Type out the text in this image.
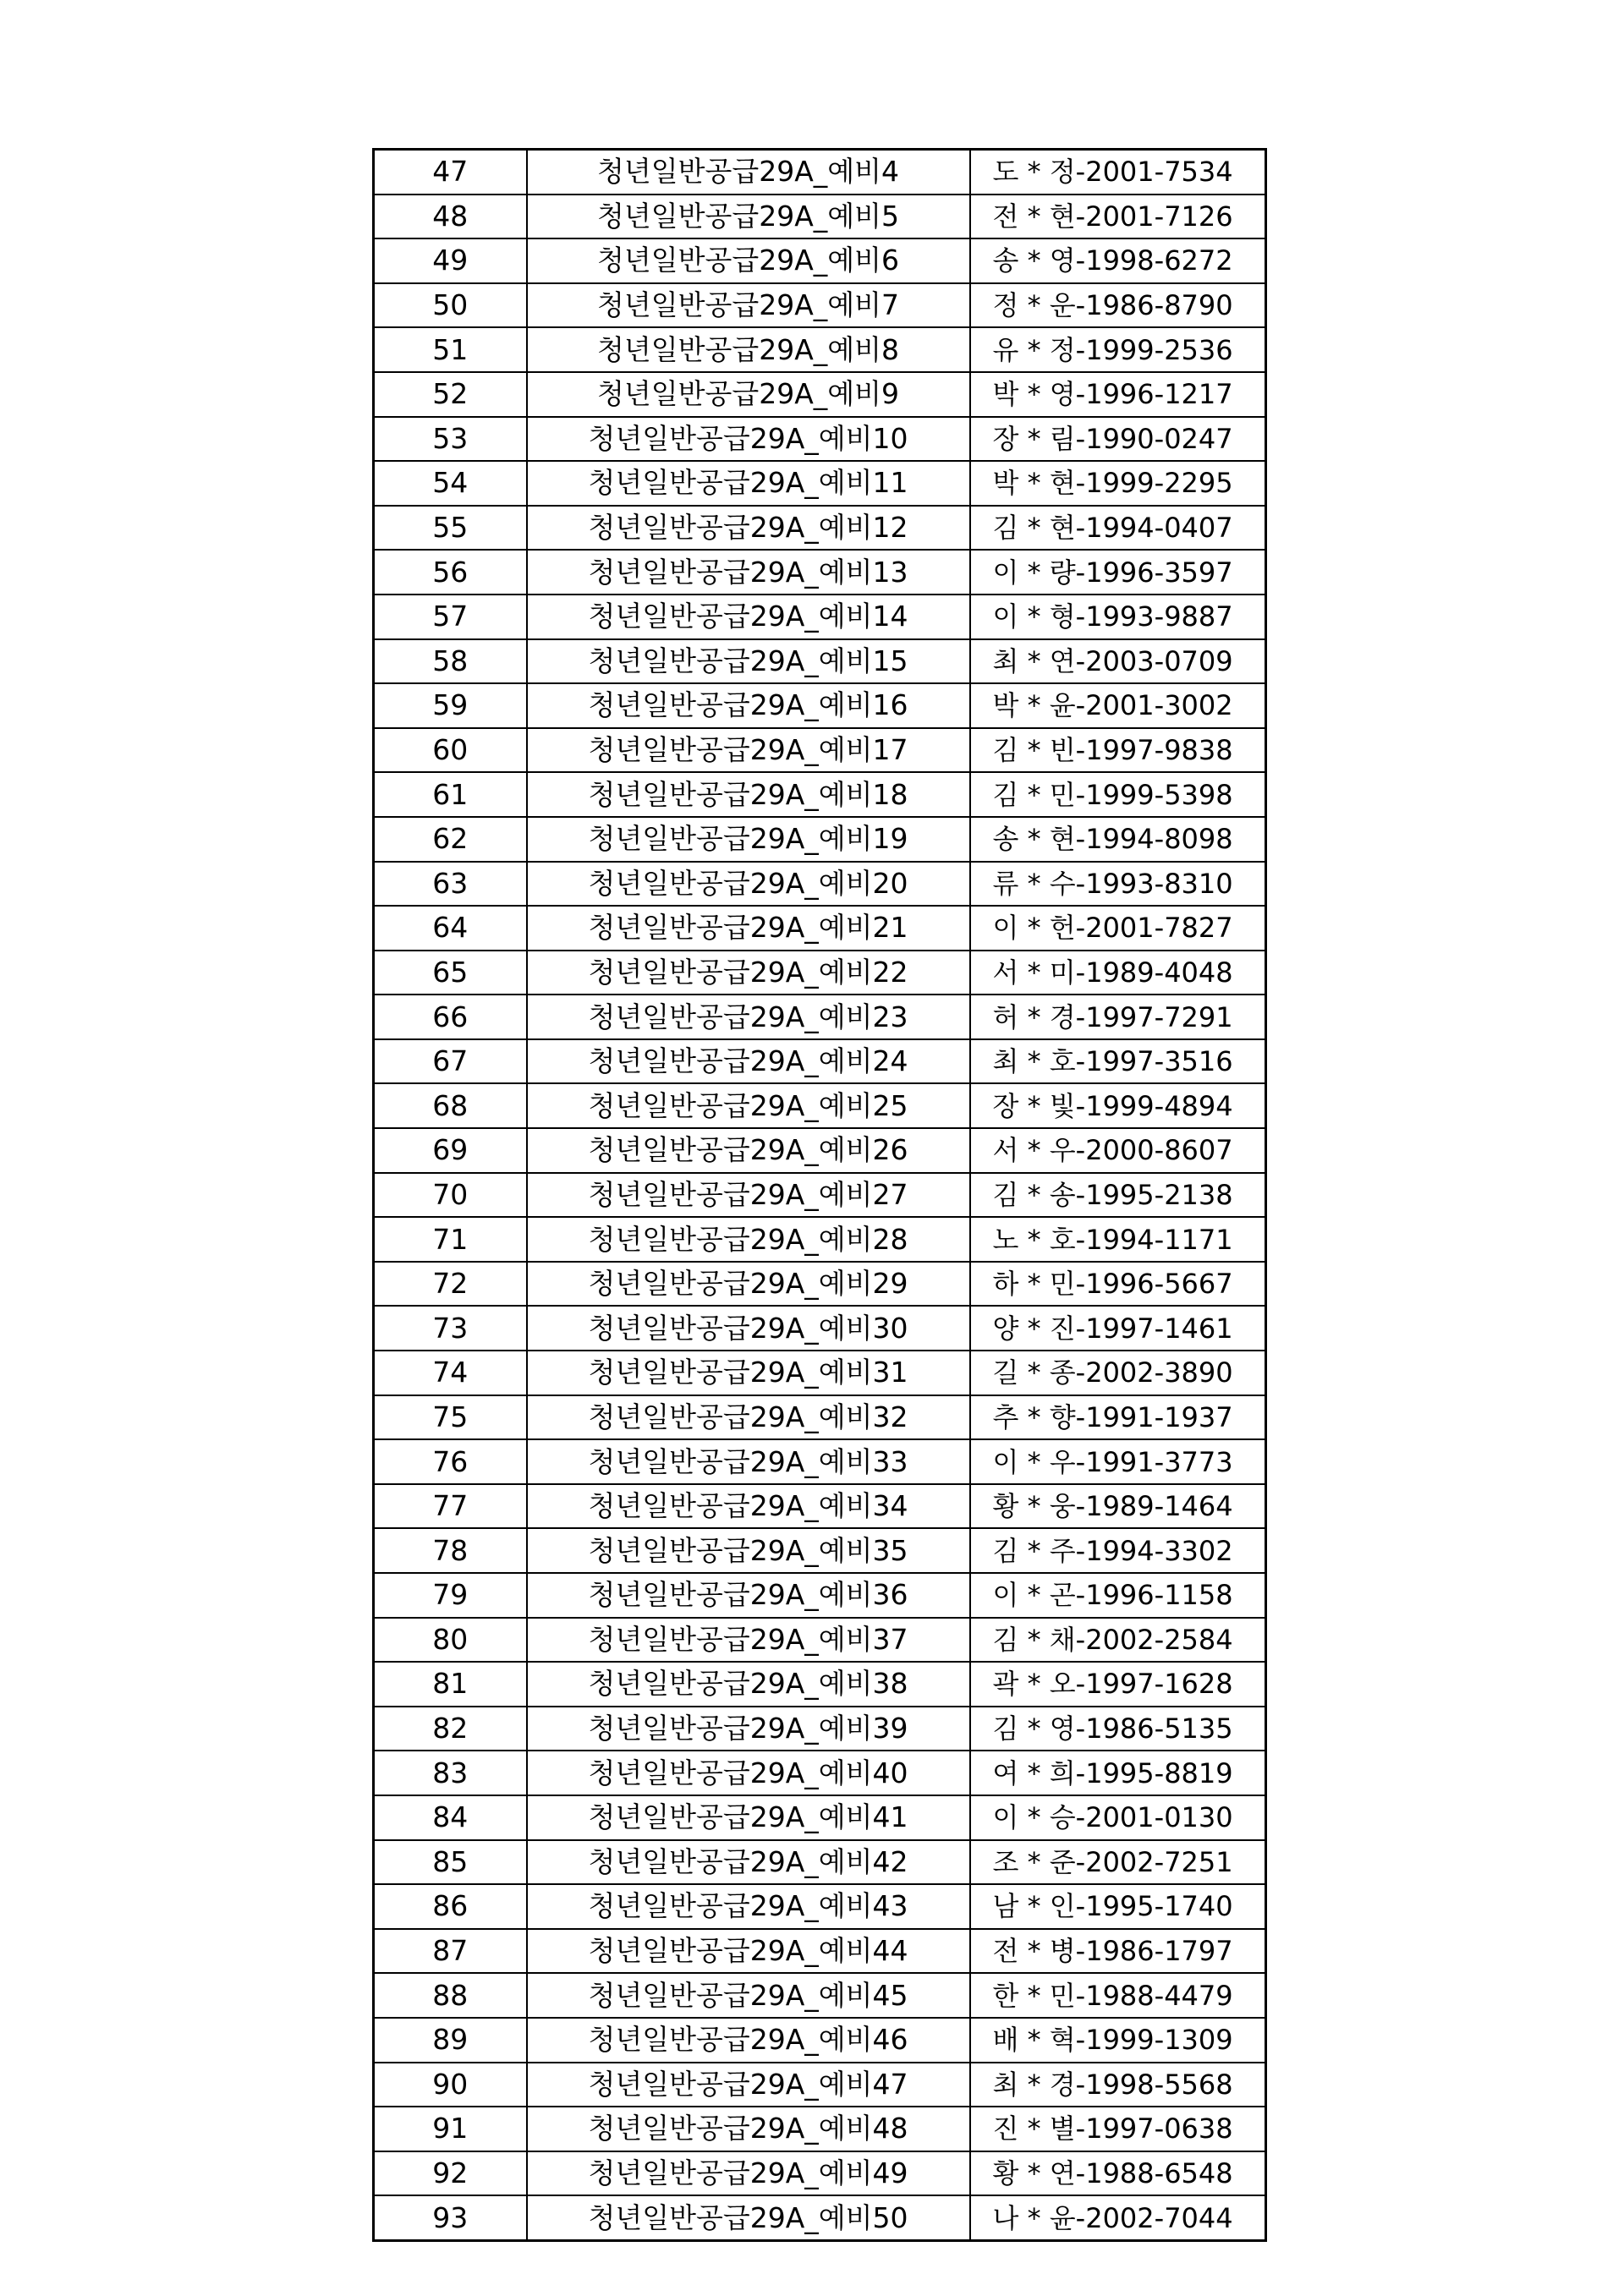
47	청년일반공급29A_예비4	도 * 정-2001-7534
48	청년일반공급29A_예비5	전 * 현-2001-7126
49	청년일반공급29A_예비6	송 * 영-1998-6272
50	청년일반공급29A_예비7	정 * 운-1986-8790
51	청년일반공급29A_예비8	유 * 정-1999-2536
52	청년일반공급29A_예비9	박 * 영-1996-1217
53	청년일반공급29A_예비10	장 * 림-1990-0247
54	청년일반공급29A_예비11	박 * 현-1999-2295
55	청년일반공급29A_예비12	김 * 현-1994-0407
56	청년일반공급29A_예비13	이 * 량-1996-3597
57	청년일반공급29A_예비14	이 * 형-1993-9887
58	청년일반공급29A_예비15	최 * 연-2003-0709
59	청년일반공급29A_예비16	박 * 윤-2001-3002
60	청년일반공급29A_예비17	김 * 빈-1997-9838
61	청년일반공급29A_예비18	김 * 민-1999-5398
62	청년일반공급29A_예비19	송 * 현-1994-8098
63	청년일반공급29A_예비20	류 * 수-1993-8310
64	청년일반공급29A_예비21	이 * 헌-2001-7827
65	청년일반공급29A_예비22	서 * 미-1989-4048
66	청년일반공급29A_예비23	허 * 경-1997-7291
67	청년일반공급29A_예비24	최 * 호-1997-3516
68	청년일반공급29A_예비25	장 * 빛-1999-4894
69	청년일반공급29A_예비26	서 * 우-2000-8607
70	청년일반공급29A_예비27	김 * 송-1995-2138
71	청년일반공급29A_예비28	노 * 호-1994-1171
72	청년일반공급29A_예비29	하 * 민-1996-5667
73	청년일반공급29A_예비30	양 * 진-1997-1461
74	청년일반공급29A_예비31	길 * 종-2002-3890
75	청년일반공급29A_예비32	추 * 향-1991-1937
76	청년일반공급29A_예비33	이 * 우-1991-3773
77	청년일반공급29A_예비34	황 * 웅-1989-1464
78	청년일반공급29A_예비35	김 * 주-1994-3302
79	청년일반공급29A_예비36	이 * 곤-1996-1158
80	청년일반공급29A_예비37	김 * 채-2002-2584
81	청년일반공급29A_예비38	곽 * 오-1997-1628
82	청년일반공급29A_예비39	김 * 영-1986-5135
83	청년일반공급29A_예비40	여 * 희-1995-8819
84	청년일반공급29A_예비41	이 * 승-2001-0130
85	청년일반공급29A_예비42	조 * 준-2002-7251
86	청년일반공급29A_예비43	남 * 인-1995-1740
87	청년일반공급29A_예비44	전 * 병-1986-1797
88	청년일반공급29A_예비45	한 * 민-1988-4479
89	청년일반공급29A_예비46	배 * 혁-1999-1309
90	청년일반공급29A_예비47	최 * 경-1998-5568
91	청년일반공급29A_예비48	진 * 별-1997-0638
92	청년일반공급29A_예비49	황 * 연-1988-6548
93	청년일반공급29A_예비50	나 * 윤-2002-7044
